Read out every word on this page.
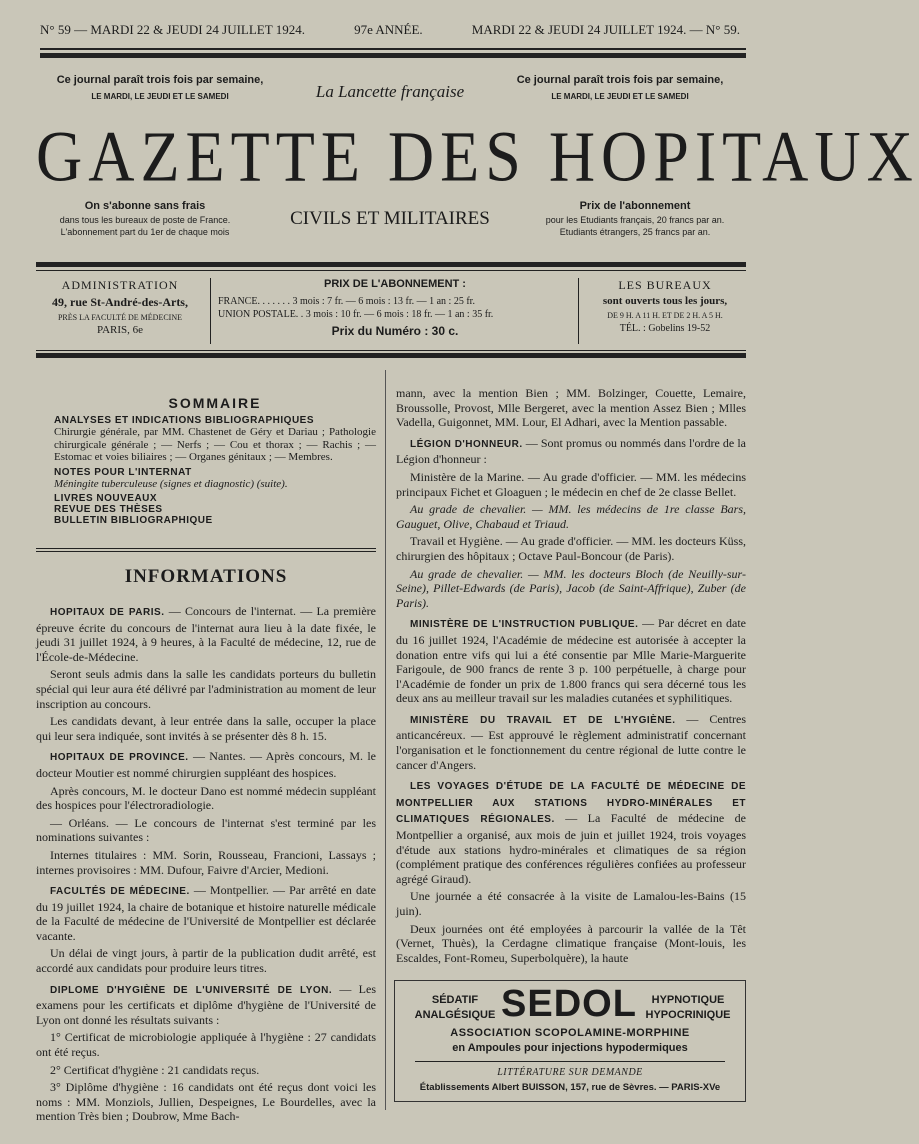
N° 59 — MARDI 22 & JEUDI 24 JUILLET 1924.	97e ANNÉE.	MARDI 22 & JEUDI 24 JUILLET 1924. — N° 59.
Ce journal paraît trois fois par semaine,
LE MARDI, LE JEUDI ET LE SAMEDI	La Lancette française
Ce journal paraît trois fois par semaine,
LE MARDI, LE JEUDI ET LE SAMEDI
GAZETTE DES HOPITAUX
On s'abonne sans frais
dans tous les bureaux de poste de France.
L'abonnement part du 1er de chaque mois
CIVILS ET MILITAIRES
Prix de l'abonnement
pour les Etudiants français, 20 francs par an.
Etudiants étrangers, 25 francs par an.
ADMINISTRATION
49, rue St-André-des-Arts,
PRÈS LA FACULTÉ DE MÉDECINE
PARIS, 6e
PRIX DE L'ABONNEMENT :
FRANCE. . . . . . . 3 mois : 7 fr. — 6 mois : 13 fr. — 1 an : 25 fr.
UNION POSTALE. . 3 mois : 10 fr. — 6 mois : 18 fr. — 1 an : 35 fr.
Prix du Numéro : 30 c.
LES BUREAUX
sont ouverts tous les jours,
DE 9 H. A 11 H. ET DE 2 H. A 5 H.
TÉL. : Gobelins 19-52
SOMMAIRE
ANALYSES ET INDICATIONS BIBLIOGRAPHIQUES
Chirurgie générale, par MM. Chastenet de Géry et Dariau ; Pathologie chirurgicale générale ; — Nerfs ; — Cou et thorax ; — Rachis ; — Estomac et voies biliaires ; — Organes génitaux ; — Membres.
NOTES POUR L'INTERNAT
Méningite tuberculeuse (signes et diagnostic) (suite).
LIVRES NOUVEAUX
REVUE DES THÈSES
BULLETIN BIBLIOGRAPHIQUE
INFORMATIONS

HOPITAUX DE PARIS. — Concours de l'internat. — La première épreuve écrite du concours de l'internat aura lieu à la date fixée, le jeudi 31 juillet 1924, à 9 heures, à la Faculté de médecine, 12, rue de l'École-de-Médecine.

Seront seuls admis dans la salle les candidats porteurs du bulletin spécial qui leur aura été délivré par l'administration au moment de leur inscription au concours.

Les candidats devant, à leur entrée dans la salle, occuper la place qui leur sera indiquée, sont invités à se présenter dès 8 h. 15.

HOPITAUX DE PROVINCE. — Nantes. — Après concours, M. le docteur Moutier est nommé chirurgien suppléant des hospices.

Après concours, M. le docteur Dano est nommé médecin suppléant des hospices pour l'électroradiologie.

— Orléans. — Le concours de l'internat s'est terminé par les nominations suivantes :

Internes titulaires : MM. Sorin, Rousseau, Francioni, Lassays ; internes provisoires : MM. Dufour, Faivre d'Arcier, Medioni.

FACULTÉS DE MÉDECINE. — Montpellier. — Par arrêté en date du 19 juillet 1924, la chaire de botanique et histoire naturelle médicale de la Faculté de médecine de l'Université de Montpellier est déclarée vacante.

Un délai de vingt jours, à partir de la publication dudit arrêté, est accordé aux candidats pour produire leurs titres.

DIPLOME D'HYGIÈNE DE L'UNIVERSITÉ DE LYON. — Les examens pour les certificats et diplôme d'hygiène de l'Université de Lyon ont donné les résultats suivants :

1° Certificat de microbiologie appliquée à l'hygiène : 27 candidats ont été reçus.

2° Certificat d'hygiène : 21 candidats reçus.

3° Diplôme d'hygiène : 16 candidats ont été reçus dont voici les noms : MM. Monziols, Jullien, Despeignes, Le Bourdelles, avec la mention Très bien ; Doubrow, Mme Bach-

mann, avec la mention Bien ; MM. Bolzinger, Couette, Lemaire, Broussolle, Provost, Mlle Bergeret, avec la mention Assez Bien ; Mlles Vadella, Guigonnet, MM. Lour, El Adhari, avec la Mention passable.

LÉGION D'HONNEUR. — Sont promus ou nommés dans l'ordre de la Légion d'honneur :

Ministère de la Marine. — Au grade d'officier. — MM. les médecins principaux Fichet et Gloaguen ; le médecin en chef de 2e classe Bellet.

Au grade de chevalier. — MM. les médecins de 1re classe Bars, Gauguet, Olive, Chabaud et Triaud.

Travail et Hygiène. — Au grade d'officier. — MM. les docteurs Küss, chirurgien des hôpitaux ; Octave Paul-Boncour (de Paris).

Au grade de chevalier. — MM. les docteurs Bloch (de Neuilly-sur-Seine), Pillet-Edwards (de Paris), Jacob (de Saint-Affrique), Zuber (de Paris).

MINISTÈRE DE L'INSTRUCTION PUBLIQUE. — Par décret en date du 16 juillet 1924, l'Académie de médecine est autorisée à accepter la donation entre vifs qui lui a été consentie par Mlle Marie-Marguerite Farigoule, de 900 francs de rente 3 p. 100 perpétuelle, à charge pour l'Académie de fonder un prix de 1.800 francs qui sera décerné tous les deux ans au meilleur travail sur les maladies cutanées et syphilitiques.

MINISTÈRE DU TRAVAIL ET DE L'HYGIÈNE. — Centres anticancéreux. — Est approuvé le règlement administratif concernant l'organisation et le fonctionnement du centre régional de lutte contre le cancer d'Angers.

LES VOYAGES D'ÉTUDE DE LA FACULTÉ DE MÉDECINE DE MONTPELLIER AUX STATIONS HYDRO-MINÉRALES ET CLIMATIQUES RÉGIONALES. — La Faculté de médecine de Montpellier a organisé, aux mois de juin et juillet 1924, trois voyages d'étude aux stations hydro-minérales et climatiques de sa région (complément pratique des conférences régulières confiées au professeur agrégé Giraud).

Une journée a été consacrée à la visite de Lamalou-les-Bains (15 juin).

Deux journées ont été employées à parcourir la vallée de la Têt (Vernet, Thuès), la Cerdagne climatique française (Mont-louis, les Escaldes, Font-Romeu, Superbolquère), la haute

SÉDATIF
ANALGÉSIQUE SEDOL	HYPNOTIQUE
HYPOCRINIQUE
ASSOCIATION SCOPOLAMINE-MORPHINE
en Ampoules pour injections hypodermiques
LITTÉRATURE SUR DEMANDE
Établissements Albert BUISSON, 157, rue de Sèvres. — PARIS-XVe
